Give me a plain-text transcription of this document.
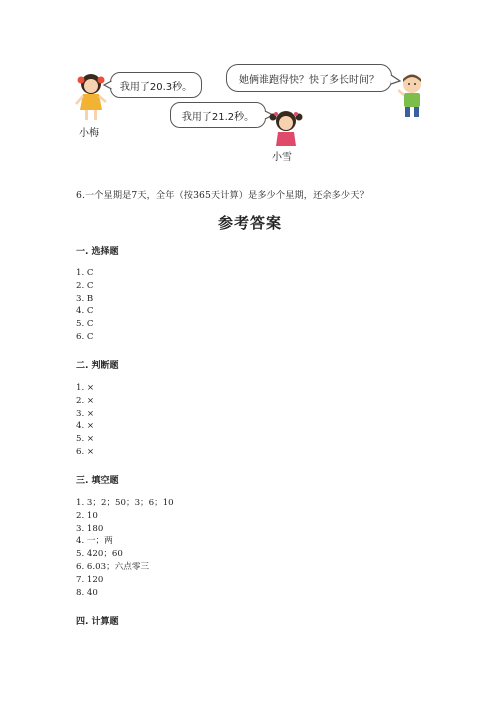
小梅
我用了20.3秒。
她俩谁跑得快？快了多长时间？
我用了21.2秒。
小雪
6.一个星期是7天，全年（按365天计算）是多少个星期，还余多少天？
参考答案
一. 选择题
1. C
2. C
3. B
4. C
5. C
6. C
二. 判断题
1. ×
2. ×
3. ×
4. ×
5. ×
6. ×
三. 填空题
1. 3；2；50；3；6；10
2. 10
3. 180
4. 一；两
5. 420；60
6. 6.03；六点零三
7. 120
8. 40
四. 计算题
